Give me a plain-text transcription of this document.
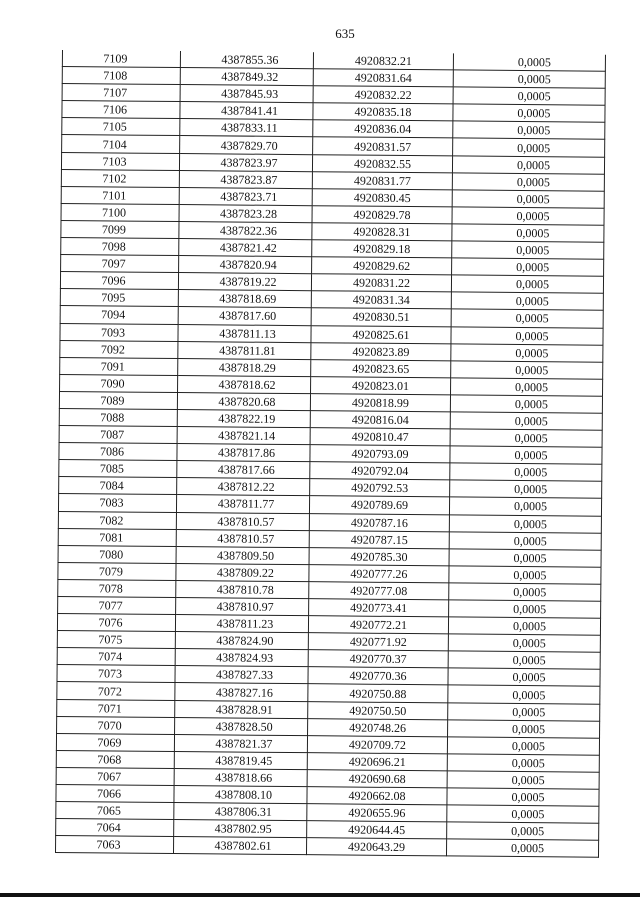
635
7109	4387855.36	4920832.21	0,0005
7108	4387849.32	4920831.64	0,0005
7107	4387845.93	4920832.22	0,0005
7106	4387841.41	4920835.18	0,0005
7105	4387833.11	4920836.04	0,0005
7104	4387829.70	4920831.57	0,0005
7103	4387823.97	4920832.55	0,0005
7102	4387823.87	4920831.77	0,0005
7101	4387823.71	4920830.45	0,0005
7100	4387823.28	4920829.78	0,0005
7099	4387822.36	4920828.31	0,0005
7098	4387821.42	4920829.18	0,0005
7097	4387820.94	4920829.62	0,0005
7096	4387819.22	4920831.22	0,0005
7095	4387818.69	4920831.34	0,0005
7094	4387817.60	4920830.51	0,0005
7093	4387811.13	4920825.61	0,0005
7092	4387811.81	4920823.89	0,0005
7091	4387818.29	4920823.65	0,0005
7090	4387818.62	4920823.01	0,0005
7089	4387820.68	4920818.99	0,0005
7088	4387822.19	4920816.04	0,0005
7087	4387821.14	4920810.47	0,0005
7086	4387817.86	4920793.09	0,0005
7085	4387817.66	4920792.04	0,0005
7084	4387812.22	4920792.53	0,0005
7083	4387811.77	4920789.69	0,0005
7082	4387810.57	4920787.16	0,0005
7081	4387810.57	4920787.15	0,0005
7080	4387809.50	4920785.30	0,0005
7079	4387809.22	4920777.26	0,0005
7078	4387810.78	4920777.08	0,0005
7077	4387810.97	4920773.41	0,0005
7076	4387811.23	4920772.21	0,0005
7075	4387824.90	4920771.92	0,0005
7074	4387824.93	4920770.37	0,0005
7073	4387827.33	4920770.36	0,0005
7072	4387827.16	4920750.88	0,0005
7071	4387828.91	4920750.50	0,0005
7070	4387828.50	4920748.26	0,0005
7069	4387821.37	4920709.72	0,0005
7068	4387819.45	4920696.21	0,0005
7067	4387818.66	4920690.68	0,0005
7066	4387808.10	4920662.08	0,0005
7065	4387806.31	4920655.96	0,0005
7064	4387802.95	4920644.45	0,0005
7063	4387802.61	4920643.29	0,0005
